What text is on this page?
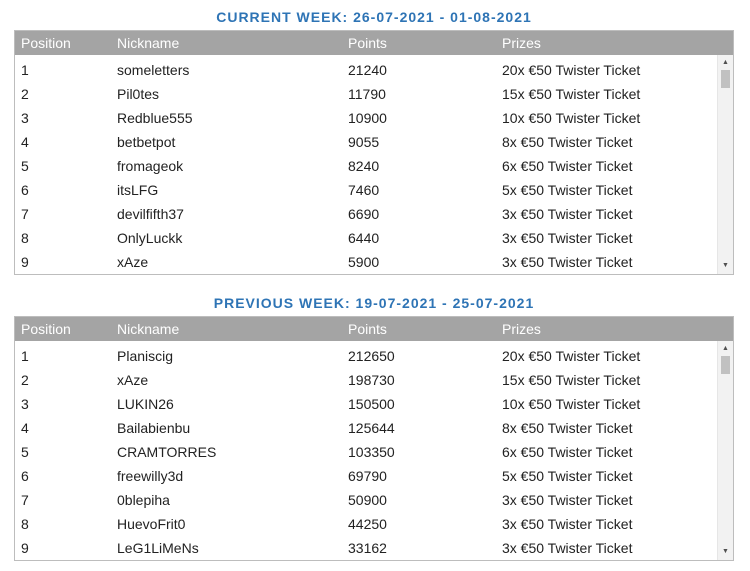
CURRENT WEEK: 26-07-2021 - 01-08-2021
Position	Nickname	Points	Prizes
1	someletters	21240	20x €50 Twister Ticket
2	Pil0tes	11790	15x €50 Twister Ticket
3	Redblue555	10900	10x €50 Twister Ticket
4	betbetpot	9055	8x €50 Twister Ticket
5	fromageok	8240	6x €50 Twister Ticket
6	itsLFG	7460	5x €50 Twister Ticket
7	devilfifth37	6690	3x €50 Twister Ticket
8	OnlyLuckk	6440	3x €50 Twister Ticket
9	xAze	5900	3x €50 Twister Ticket
▲
▼
PREVIOUS WEEK: 19-07-2021 - 25-07-2021
Position	Nickname	Points	Prizes
1	Planiscig	212650	20x €50 Twister Ticket
2	xAze	198730	15x €50 Twister Ticket
3	LUKIN26	150500	10x €50 Twister Ticket
4	Bailabienbu	125644	8x €50 Twister Ticket
5	CRAMTORRES	103350	6x €50 Twister Ticket
6	freewilly3d	69790	5x €50 Twister Ticket
7	0blepiha	50900	3x €50 Twister Ticket
8	HuevoFrit0	44250	3x €50 Twister Ticket
9	LeG1LiMeNs	33162	3x €50 Twister Ticket
▲
▼
